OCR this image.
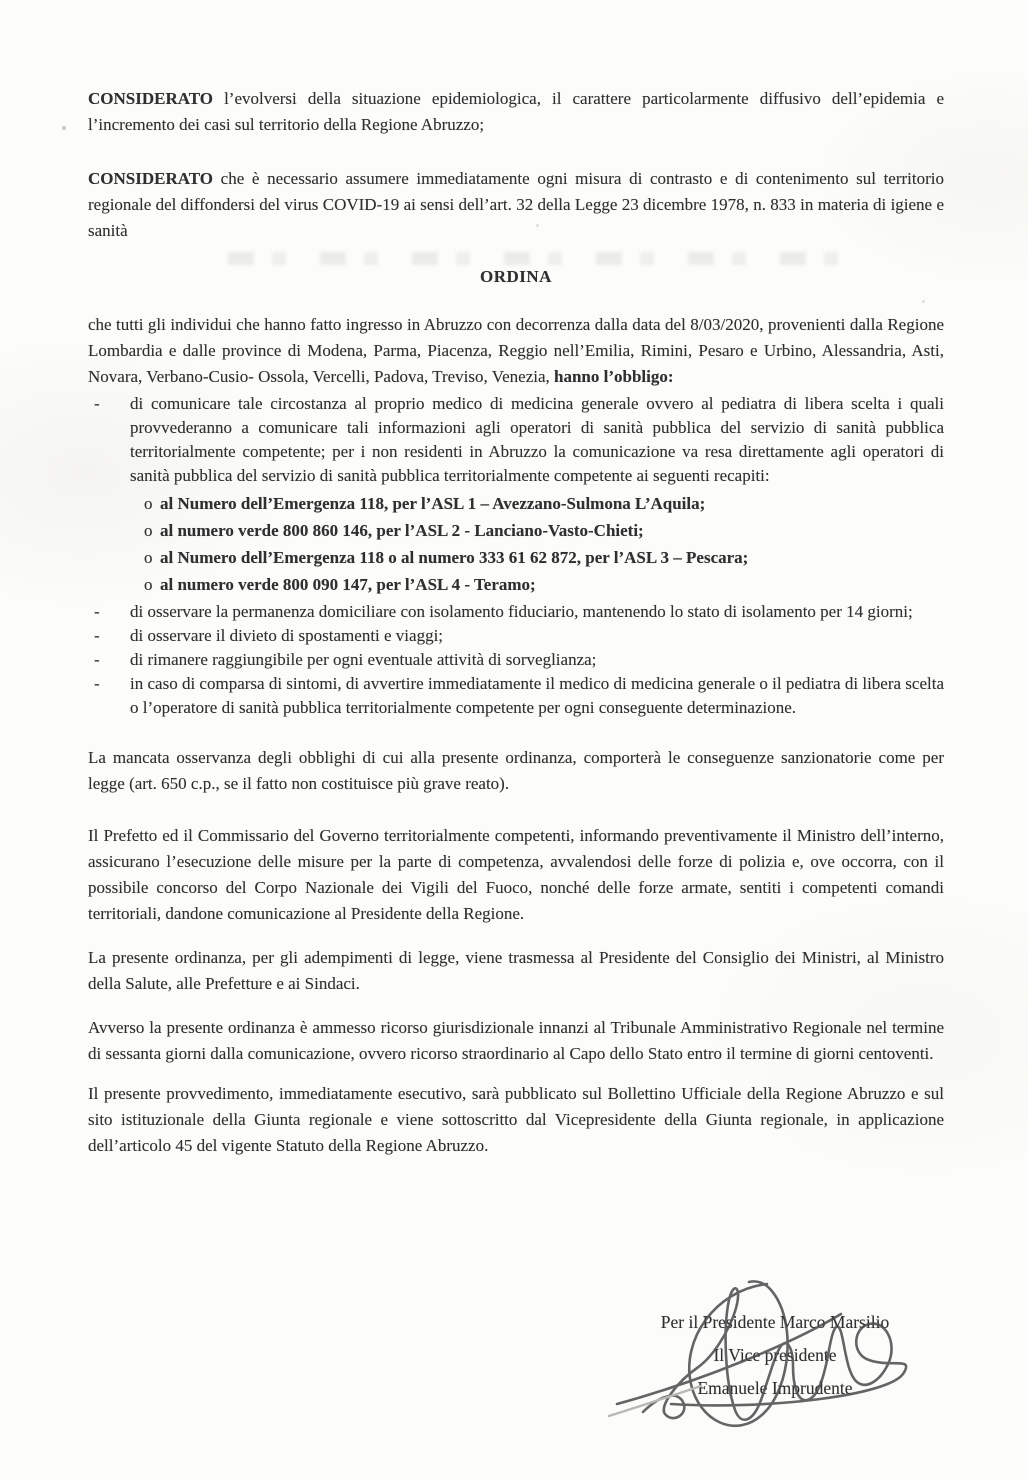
CONSIDERATO l’evolversi della situazione epidemiologica, il carattere particolarmente diffusivo dell’epidemia e l’incremento dei casi sul territorio della Regione Abruzzo;

CONSIDERATO che è necessario assumere immediatamente ogni misura di contrasto e di contenimento sul territorio regionale del diffondersi del virus COVID-19 ai sensi dell’art. 32 della Legge 23 dicembre 1978, n. 833 in materia di igiene e sanità

ORDINA

che tutti gli individui che hanno fatto ingresso in Abruzzo con decorrenza dalla data del 8/03/2020, provenienti dalla Regione Lombardia e dalle province di Modena, Parma, Piacenza, Reggio nell’Emilia, Rimini, Pesaro e Urbino, Alessandria, Asti, Novara, Verbano-Cusio- Ossola, Vercelli, Padova, Treviso, Venezia, hanno l’obbligo:

-	di comunicare tale circostanza al proprio medico di medicina generale ovvero al pediatra di libera scelta i quali provvederanno a comunicare tali informazioni agli operatori di sanità pubblica del servizio di sanità pubblica territorialmente competente; per i non residenti in Abruzzo la comunicazione va resa direttamente agli operatori di sanità pubblica del servizio di sanità pubblica territorialmente competente ai seguenti recapiti:
o al Numero dell’Emergenza 118, per l’ASL 1 – Avezzano-Sulmona L’Aquila;
o al numero verde 800 860 146, per l’ASL 2 - Lanciano-Vasto-Chieti;
o al Numero dell’Emergenza 118 o al numero 333 61 62 872, per l’ASL 3 – Pescara;
o al numero verde 800 090 147, per l’ASL 4 - Teramo;
-	di osservare la permanenza domiciliare con isolamento fiduciario, mantenendo lo stato di isolamento per 14 giorni;
-	di osservare il divieto di spostamenti e viaggi;
-	di rimanere raggiungibile per ogni eventuale attività di sorveglianza;
-	in caso di comparsa di sintomi, di avvertire immediatamente il medico di medicina generale o il pediatra di libera scelta o l’operatore di sanità pubblica territorialmente competente per ogni conseguente determinazione.

La mancata osservanza degli obblighi di cui alla presente ordinanza, comporterà le conseguenze sanzionatorie come per legge (art. 650 c.p., se il fatto non costituisce più grave reato).

Il Prefetto ed il Commissario del Governo territorialmente competenti, informando preventivamente il Ministro dell’interno, assicurano l’esecuzione delle misure per la parte di competenza, avvalendosi delle forze di polizia e, ove occorra, con il possibile concorso del Corpo Nazionale dei Vigili del Fuoco, nonché delle forze armate, sentiti i competenti comandi territoriali, dandone comunicazione al Presidente della Regione.

La presente ordinanza, per gli adempimenti di legge, viene trasmessa al Presidente del Consiglio dei Ministri, al Ministro della Salute, alle Prefetture e ai Sindaci.

Avverso la presente ordinanza è ammesso ricorso giurisdizionale innanzi al Tribunale Amministrativo Regionale nel termine di sessanta giorni dalla comunicazione, ovvero ricorso straordinario al Capo dello Stato entro il termine di giorni centoventi.

Il presente provvedimento, immediatamente esecutivo, sarà pubblicato sul Bollettino Ufficiale della Regione Abruzzo e sul sito istituzionale della Giunta regionale e viene sottoscritto dal Vicepresidente della Giunta regionale, in applicazione dell’articolo 45 del vigente Statuto della Regione Abruzzo.

Per il Presidente Marco Marsilio
Il Vice presidente
Emanuele Imprudente
